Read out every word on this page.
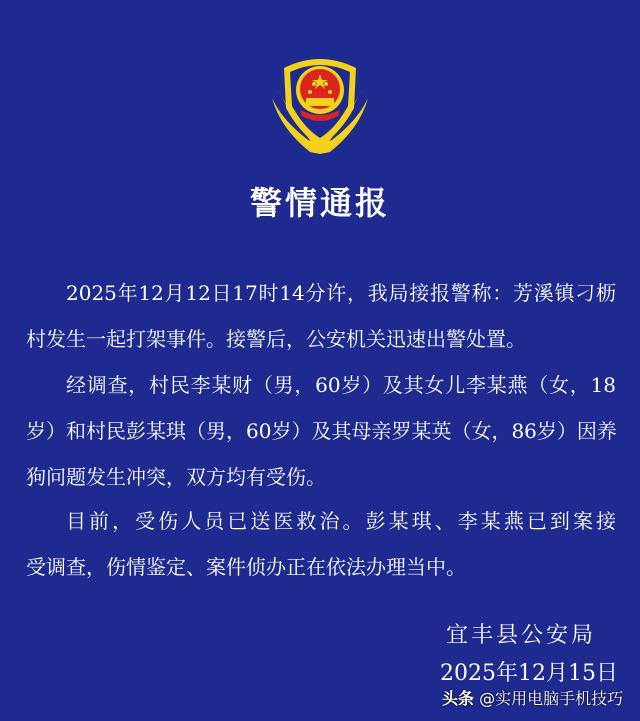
警情通报
2025年12月12日17时14分许，我局接报警称：芳溪镇刁枥
村发生一起打架事件。接警后，公安机关迅速出警处置。
经调查，村民李某财（男，60岁）及其女儿李某燕（女，18
岁）和村民彭某琪（男，60岁）及其母亲罗某英（女，86岁）因养
狗问题发生冲突，双方均有受伤。
目前，受伤人员已送医救治。彭某琪、李某燕已到案接
受调查，伤情鉴定、案件侦办正在依法办理当中。
宜丰县公安局
2025年12月15日
头条 @实用电脑手机技巧
